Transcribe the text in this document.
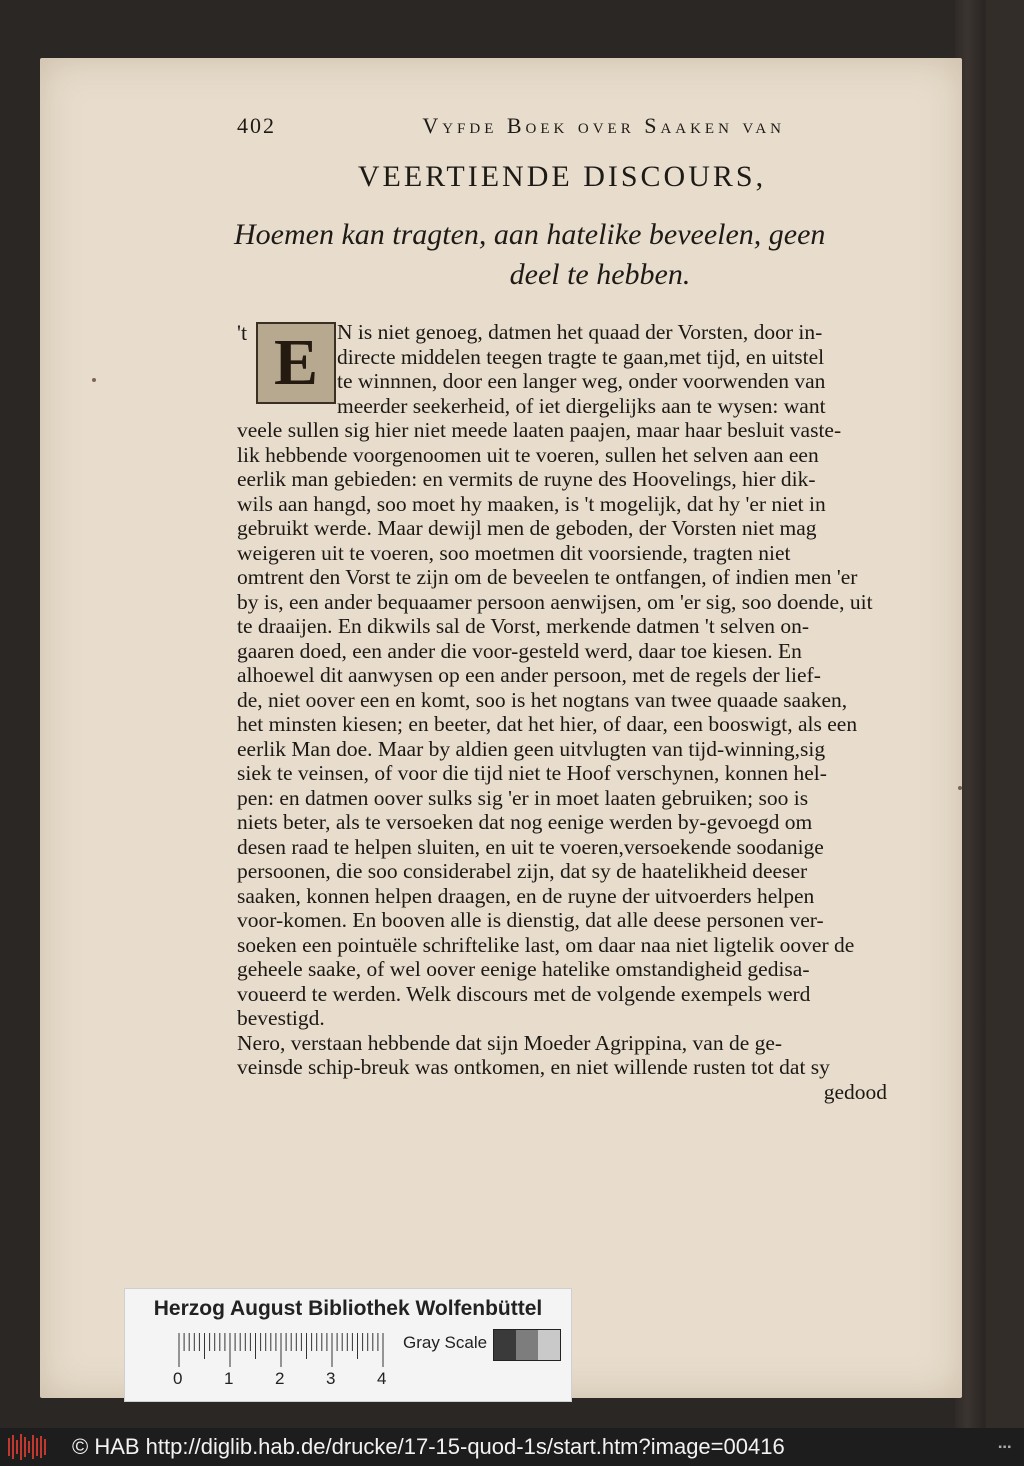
402	Vyfde Boek over Saaken van
VEERTIENDE DISCOURS,
Hoemen kan tragten, aan hatelike beveelen, geen
deel te hebben.
't E N is niet genoeg, datmen het quaad der Vorsten, door in-
directe middelen teegen tragte te gaan,met tijd, en uitstel
te winnnen, door een langer weg, onder voorwenden van
meerder seekerheid, of iet diergelijks aan te wysen: want
veele sullen sig hier niet meede laaten paajen, maar haar besluit vaste-
lik hebbende voorgenoomen uit te voeren, sullen het selven aan een
eerlik man gebieden: en vermits de ruyne des Hoovelings, hier dik-
wils aan hangd, soo moet hy maaken, is 't mogelijk, dat hy 'er niet in
gebruikt werde. Maar dewijl men de geboden, der Vorsten niet mag
weigeren uit te voeren, soo moetmen dit voorsiende, tragten niet
omtrent den Vorst te zijn om de beveelen te ontfangen, of indien men 'er
by is, een ander bequaamer persoon aenwijsen, om 'er sig, soo doende, uit
te draaijen. En dikwils sal de Vorst, merkende datmen 't selven on-
gaaren doed, een ander die voor-gesteld werd, daar toe kiesen. En
alhoewel dit aanwysen op een ander persoon, met de regels der lief-
de, niet oover een en komt, soo is het nogtans van twee quaade saaken,
het minsten kiesen; en beeter, dat het hier, of daar, een booswigt, als een
eerlik Man doe. Maar by aldien geen uitvlugten van tijd-winning,sig
siek te veinsen, of voor die tijd niet te Hoof verschynen, konnen hel-
pen: en datmen oover sulks sig 'er in moet laaten gebruiken; soo is
niets beter, als te versoeken dat nog eenige werden by-gevoegd om
desen raad te helpen sluiten, en uit te voeren,versoekende soodanige
persoonen, die soo considerabel zijn, dat sy de haatelikheid deeser
saaken, konnen helpen draagen, en de ruyne der uitvoerders helpen
voor-komen. En booven alle is dienstig, dat alle deese personen ver-
soeken een pointuële schriftelike last, om daar naa niet ligtelik oover de
geheele saake, of wel oover eenige hatelike omstandigheid gedisa-
voueerd te werden. Welk discours met de volgende exempels werd
bevestigd.
Nero, verstaan hebbende dat sijn Moeder Agrippina, van de ge-
veinsde schip-breuk was ontkomen, en niet willende rusten tot dat sy
gedood
Herzog August Bibliothek Wolfenbüttel
0 1 2 3 4
Gray Scale
© HAB http://diglib.hab.de/drucke/17-15-quod-1s/start.htm?image=00416	▪▪▪
